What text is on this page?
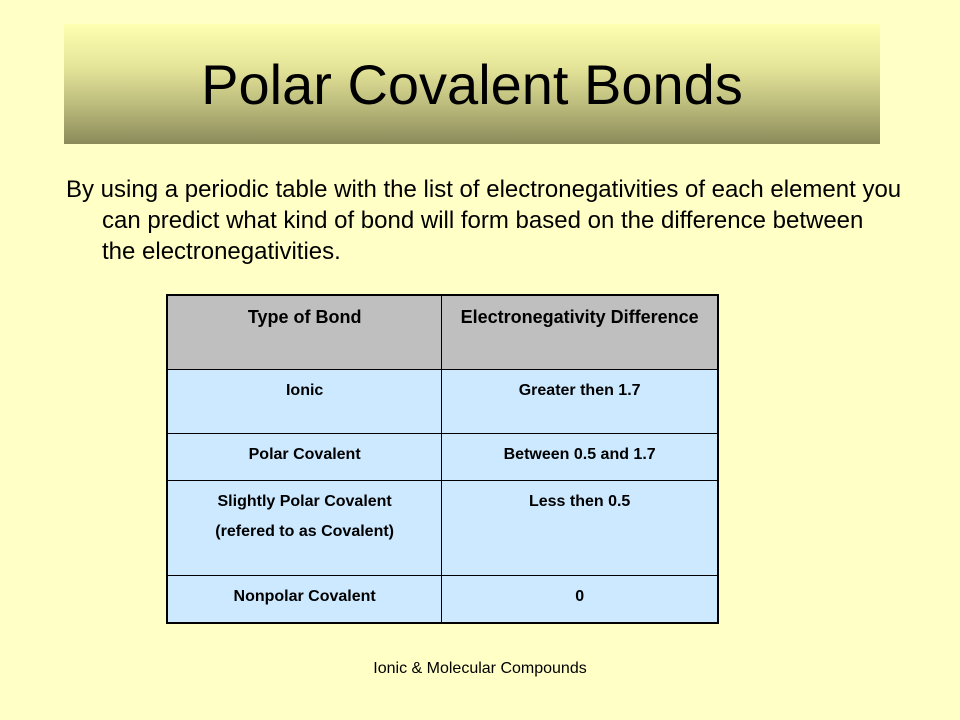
Polar Covalent Bonds
By using a periodic table with the list of electronegativities of each element you can predict what kind of bond will form based on the difference between the electronegativities.
Type of Bond	Electronegativity Difference
Ionic	Greater then 1.7
Polar Covalent	Between 0.5 and 1.7

Slightly Polar Covalent
(refered to as Covalent)	Less then 0.5
Nonpolar Covalent	0
Ionic & Molecular Compounds
